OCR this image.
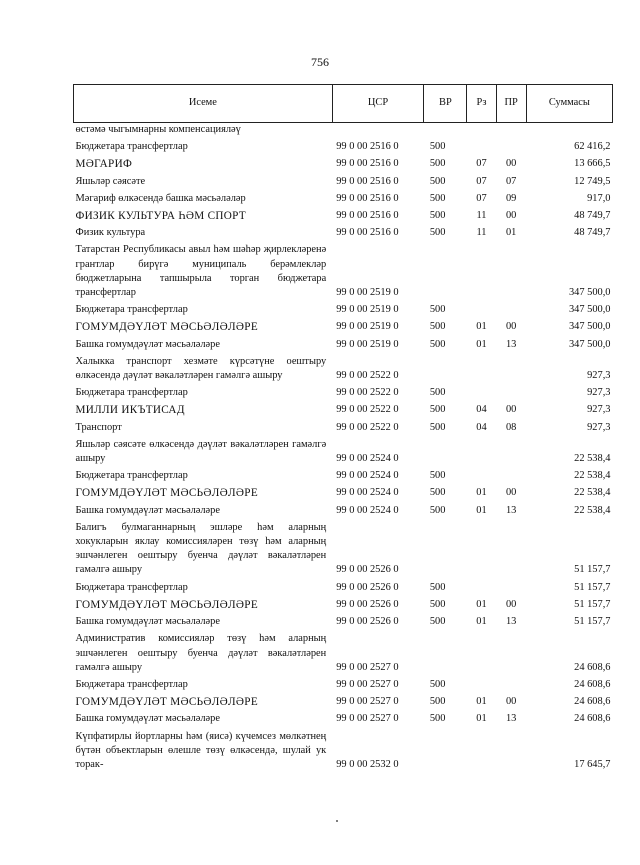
756
Исеме	ЦСР	ВР	Рз	ПР	Суммасы
өстәмә чыгымнарны компенсацияләү					
Бюджетара трансфертлар	99 0 00 2516 0	500			62 416,2
МӘГАРИФ	99 0 00 2516 0	500	07	00	13 666,5
Яшьләр сәясәте	99 0 00 2516 0	500	07	07	12 749,5
Мәгариф өлкәсендә башка мәсьәләләр	99 0 00 2516 0	500	07	09	917,0
ФИЗИК КУЛЬТУРА ҺӘМ СПОРТ	99 0 00 2516 0	500	11	00	48 749,7
Физик культура	99 0 00 2516 0	500	11	01	48 749,7
Татарстан Республикасы авыл һәм шәһәр җирлекләренә грантлар бирүгә муниципаль берәмлекләр бюджетларына тапшырыла торган бюджетара трансфертлар	99 0 00 2519 0				347 500,0
Бюджетара трансфертлар	99 0 00 2519 0	500			347 500,0
ГОМУМДӘҮЛӘТ МӘСЬӘЛӘЛӘРЕ	99 0 00 2519 0	500	01	00	347 500,0
Башка гомумдәүләт мәсьәләләре	99 0 00 2519 0	500	01	13	347 500,0
Халыкка транспорт хезмәте күрсәтүне оештыру өлкәсендә дәүләт вәкаләтләрен гамәлгә ашыру	99 0 00 2522 0				927,3
Бюджетара трансфертлар	99 0 00 2522 0	500			927,3
МИЛЛИ ИКЪТИСАД	99 0 00 2522 0	500	04	00	927,3
Транспорт	99 0 00 2522 0	500	04	08	927,3
Яшьләр сәясәте өлкәсендә дәүләт вәкаләтләрен гамәлгә ашыру	99 0 00 2524 0				22 538,4
Бюджетара трансфертлар	99 0 00 2524 0	500			22 538,4
ГОМУМДӘҮЛӘТ МӘСЬӘЛӘЛӘРЕ	99 0 00 2524 0	500	01	00	22 538,4
Башка гомумдәүләт мәсьәләләре	99 0 00 2524 0	500	01	13	22 538,4
Балигъ булмаганнарның эшләре һәм аларның хокукларын яклау комиссияләрен төзү һәм аларның эшчәнлеген оештыру буенча дәүләт вәкаләтләрен гамәлгә ашыру	99 0 00 2526 0				51 157,7
Бюджетара трансфертлар	99 0 00 2526 0	500			51 157,7
ГОМУМДӘҮЛӘТ МӘСЬӘЛӘЛӘРЕ	99 0 00 2526 0	500	01	00	51 157,7
Башка гомумдәүләт мәсьәләләре	99 0 00 2526 0	500	01	13	51 157,7
Административ комиссияләр төзү һәм аларның эшчәнлеген оештыру буенча дәүләт вәкаләтләрен гамәлгә ашыру	99 0 00 2527 0				24 608,6
Бюджетара трансфертлар	99 0 00 2527 0	500			24 608,6
ГОМУМДӘҮЛӘТ МӘСЬӘЛӘЛӘРЕ	99 0 00 2527 0	500	01	00	24 608,6
Башка гомумдәүләт мәсьәләләре	99 0 00 2527 0	500	01	13	24 608,6
Күпфатирлы йортларны һәм (яисә) күчемсез мөлкәтнең бүтән объектларын өлешле төзү өлкәсендә, шулай ук торак-	99 0 00 2532 0				17 645,7
